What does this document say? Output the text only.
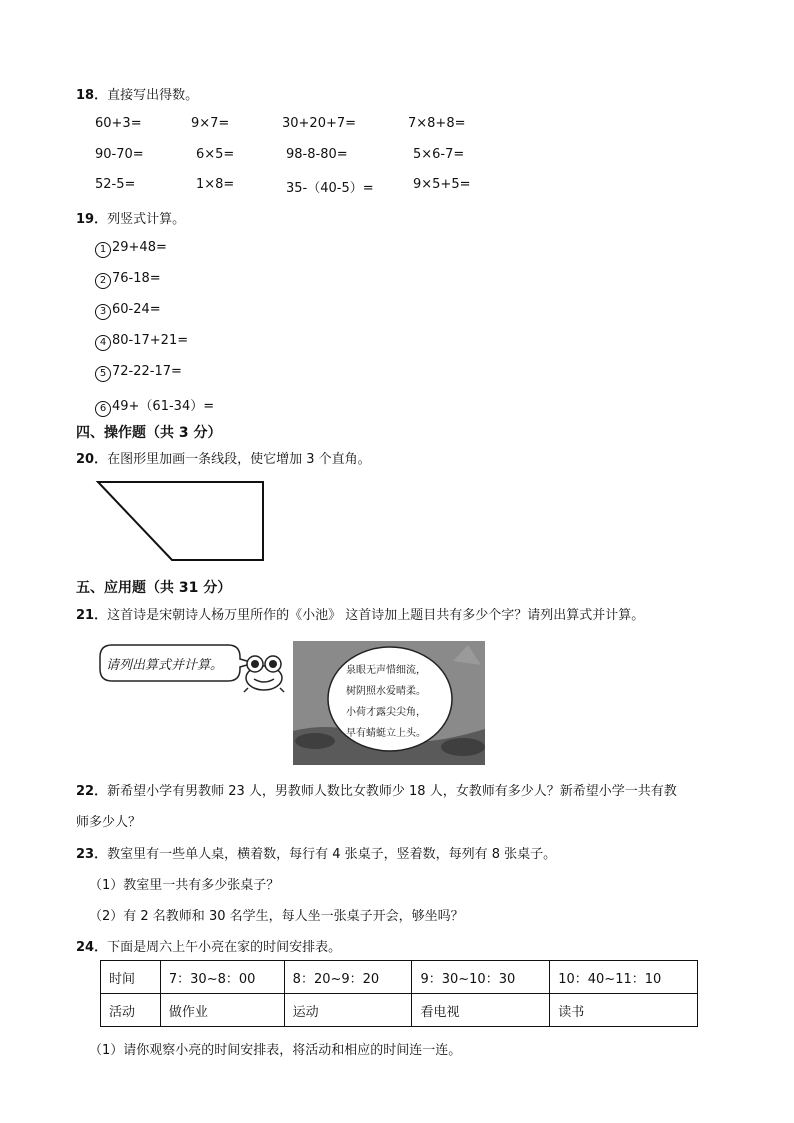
18．直接写出得数。
60+3=	9×7=	30+20+7=	7×8+8=
90-70=	6×5=	98-8-80=	5×6-7=
52-5=	1×8=	35-（40-5）=	9×5+5=
19．列竖式计算。
1 29+48=
2 76-18=
3 60-24=
4 80-17+21=
5 72-22-17=
6 49+（61-34）=
四、操作题（共 3 分）
20．在图形里加画一条线段，使它增加 3 个直角。
五、应用题（共 31 分）
21．这首诗是宋朝诗人杨万里所作的《小池》 这首诗加上题目共有多少个字？请列出算式并计算。
请列出算式并计算。	泉眼无声惜细流，
树阴照水爱晴柔。
小荷才露尖尖角，
早有蜻蜓立上头。
22．新希望小学有男教师 23 人，男教师人数比女教师少 18 人，女教师有多少人？新希望小学一共有教
师多少人？
23．教室里有一些单人桌，横着数，每行有 4 张桌子，竖着数，每列有 8 张桌子。
（1）教室里一共有多少张桌子？
（2）有 2 名教师和 30 名学生，每人坐一张桌子开会，够坐吗？
24．下面是周六上午小亮在家的时间安排表。
时间	7：30~8：00	8：20~9：20	9：30~10：30	10：40~11：10
活动	做作业	运动	看电视	读书
（1）请你观察小亮的时间安排表，将活动和相应的时间连一连。
